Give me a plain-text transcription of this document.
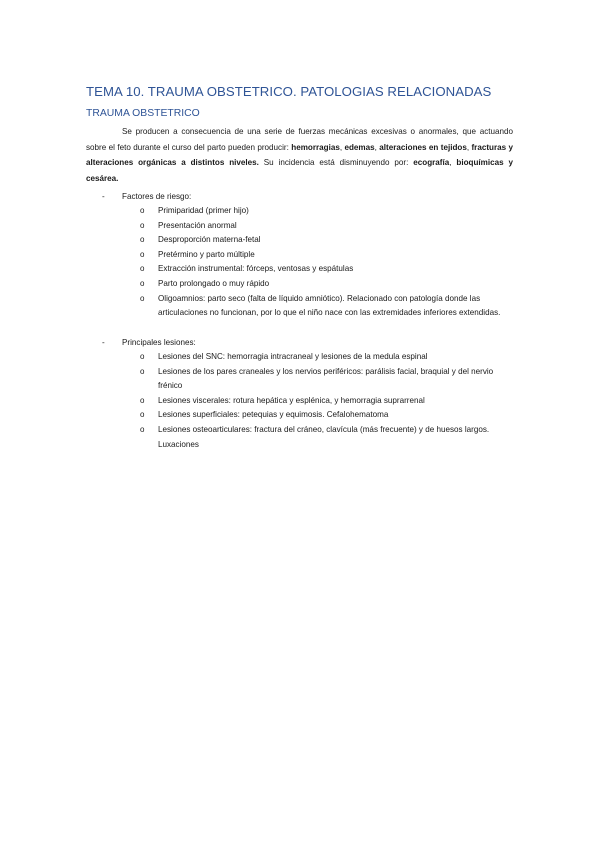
TEMA 10. TRAUMA OBSTETRICO. PATOLOGIAS RELACIONADAS
TRAUMA OBSTETRICO

Se producen a consecuencia de una serie de fuerzas mecánicas excesivas o anormales, que actuando sobre el feto durante el curso del parto pueden producir: hemorragias, edemas, alteraciones en tejidos, fracturas y alteraciones orgánicas a distintos niveles. Su incidencia está disminuyendo por: ecografía, bioquímicas y cesárea.

- Factores de riesgo:
o Primiparidad (primer hijo)
o Presentación anormal
o Desproporción materna-fetal
o Pretérmino y parto múltiple
o Extracción instrumental: fórceps, ventosas y espátulas
o Parto prolongado o muy rápido
o Oligoamnios: parto seco (falta de líquido amniótico). Relacionado con patología donde las articulaciones no funcionan, por lo que el niño nace con las extremidades inferiores extendidas.
- Principales lesiones:
o Lesiones del SNC: hemorragia intracraneal y lesiones de la medula espinal
o Lesiones de los pares craneales y los nervios periféricos: parálisis facial, braquial y del nervio frénico
o Lesiones viscerales: rotura hepática y esplénica, y hemorragia suprarrenal
o Lesiones superficiales: petequias y equimosis. Cefalohematoma
o Lesiones osteoarticulares: fractura del cráneo, clavícula (más frecuente) y de huesos largos. Luxaciones
